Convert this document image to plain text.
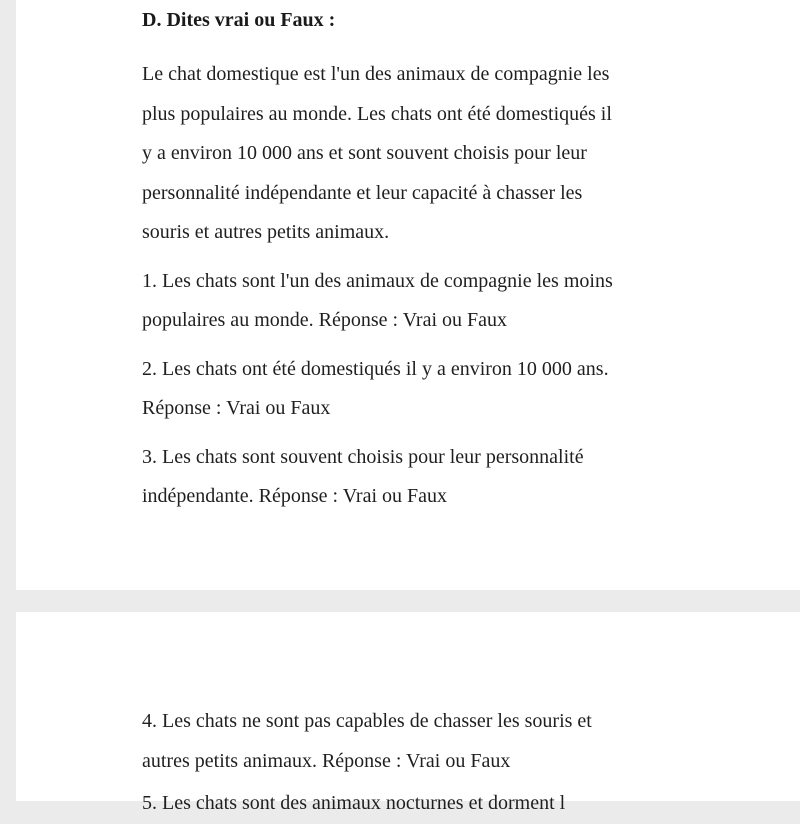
D. Dites vrai ou Faux :
Le chat domestique est l'un des animaux de compagnie les
plus populaires au monde. Les chats ont été domestiqués il
y a environ 10 000 ans et sont souvent choisis pour leur
personnalité indépendante et leur capacité à chasser les
souris et autres petits animaux.
1. Les chats sont l'un des animaux de compagnie les moins
populaires au monde. Réponse : Vrai ou Faux
2. Les chats ont été domestiqués il y a environ 10 000 ans.
Réponse : Vrai ou Faux
3. Les chats sont souvent choisis pour leur personnalité
indépendante. Réponse : Vrai ou Faux
4. Les chats ne sont pas capables de chasser les souris et
autres petits animaux. Réponse : Vrai ou Faux
5. Les chats sont des animaux nocturnes et dorment l
